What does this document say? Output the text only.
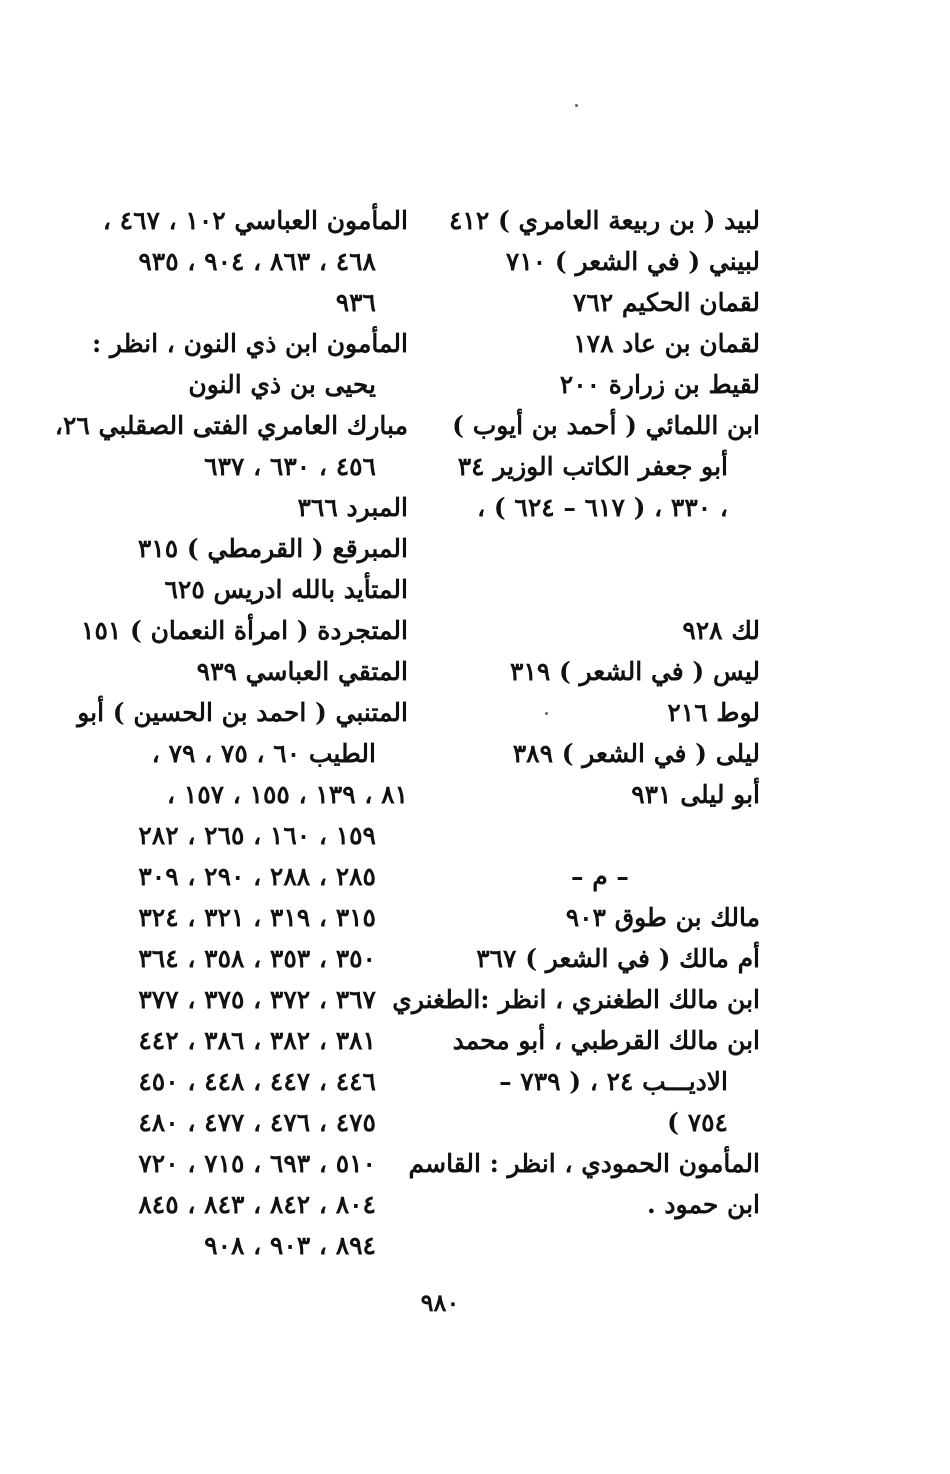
لبيد ( بن ربيعة العامري ) ٤١٢
لبيني ( في الشعر ) ٧١٠
لقمان الحكيم ٧٦٢
لقمان بن عاد ١٧٨
لقيط بن زرارة ٢٠٠
ابن اللمائي ( أحمد بن أيوب )
أبو جعفر الكاتب الوزير ٣٤
، ٣٣٠ ، ( ٦١٧ – ٦٢٤ ) ،
لك ٩٢٨
ليس ( في الشعر ) ٣١٩
لوط ٢١٦
ليلى ( في الشعر ) ٣٨٩
أبو ليلى ٩٣١
– م –
مالك بن طوق ٩٠٣
أم مالك ( في الشعر ) ٣٦٧
ابن مالك الطغنري ، انظر :الطغنري
ابن مالك القرطبي ، أبو محمد
الاديـــب ٢٤ ، ( ٧٣٩ –
٧٥٤ )
المأمون الحمودي ، انظر : القاسم
ابن حمود .
المأمون العباسي ١٠٢ ، ٤٦٧ ،
٤٦٨ ، ٨٦٣ ، ٩٠٤ ، ٩٣٥
٩٣٦
المأمون ابن ذي النون ، انظر :
يحيى بن ذي النون
مبارك العامري الفتى الصقلبي ٢٦،
٤٥٦ ، ٦٣٠ ، ٦٣٧
المبرد ٣٦٦
المبرقع ( القرمطي ) ٣١٥
المتأيد بالله ادريس ٦٢٥
المتجردة ( امرأة النعمان ) ١٥١
المتقي العباسي ٩٣٩
المتنبي ( احمد بن الحسين ) أبو
الطيب ٦٠ ، ٧٥ ، ٧٩ ،
٨١ ، ١٣٩ ، ١٥٥ ، ١٥٧ ،
١٥٩ ، ١٦٠ ، ٢٦٥ ، ٢٨٢
٢٨٥ ، ٢٨٨ ، ٢٩٠ ، ٣٠٩
٣١٥ ، ٣١٩ ، ٣٢١ ، ٣٢٤
٣٥٠ ، ٣٥٣ ، ٣٥٨ ، ٣٦٤
٣٦٧ ، ٣٧٢ ، ٣٧٥ ، ٣٧٧
٣٨١ ، ٣٨٢ ، ٣٨٦ ، ٤٤٢
٤٤٦ ، ٤٤٧ ، ٤٤٨ ، ٤٥٠
٤٧٥ ، ٤٧٦ ، ٤٧٧ ، ٤٨٠
٥١٠ ، ٦٩٣ ، ٧١٥ ، ٧٢٠
٨٠٤ ، ٨٤٢ ، ٨٤٣ ، ٨٤٥
٨٩٤ ، ٩٠٣ ، ٩٠٨
٩٨٠
